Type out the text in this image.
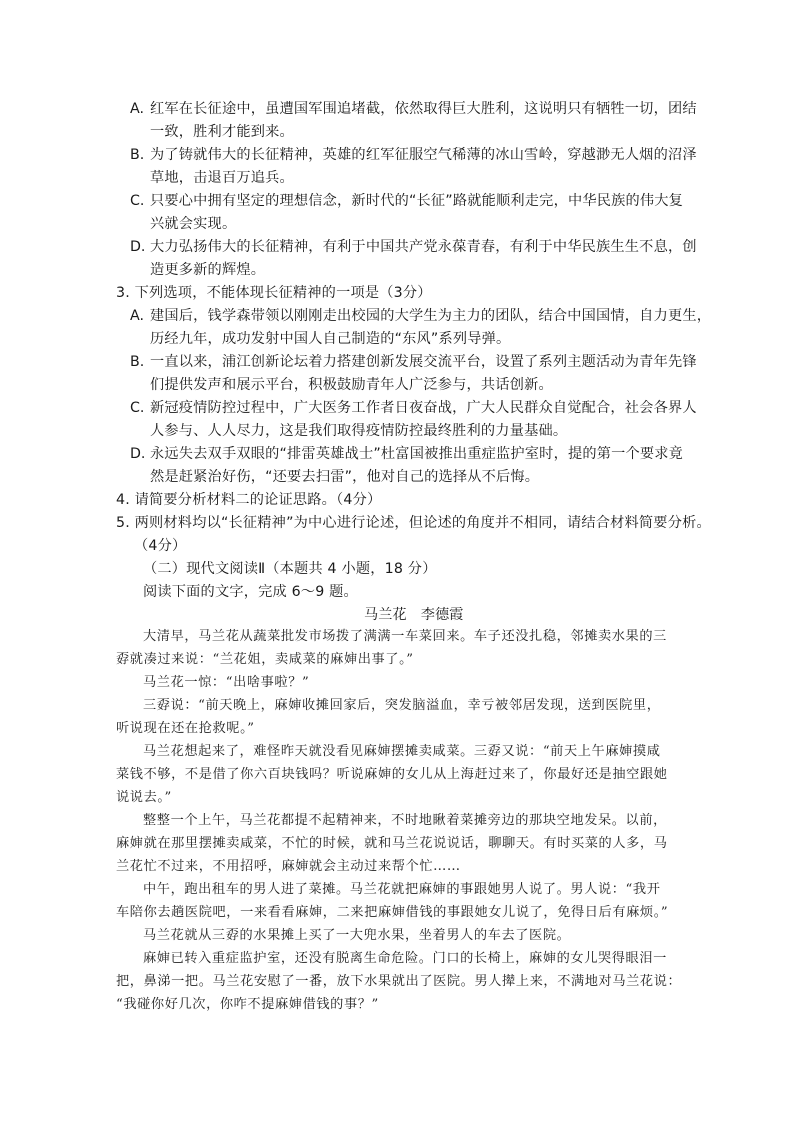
A. 红军在长征途中，虽遭国军围追堵截，依然取得巨大胜利，这说明只有牺牲一切，团结
一致，胜利才能到来。
B. 为了铸就伟大的长征精神，英雄的红军征服空气稀薄的冰山雪岭，穿越渺无人烟的沼泽
草地，击退百万追兵。
C. 只要心中拥有坚定的理想信念，新时代的“长征”路就能顺利走完，中华民族的伟大复
兴就会实现。
D. 大力弘扬伟大的长征精神，有利于中国共产党永葆青春，有利于中华民族生生不息，创
造更多新的辉煌。
3. 下列选项，不能体现长征精神的一项是（3分）
A. 建国后，钱学森带领以刚刚走出校园的大学生为主力的团队，结合中国国情，自力更生，
历经九年，成功发射中国人自己制造的“东风”系列导弹。
B. 一直以来，浦江创新论坛着力搭建创新发展交流平台，设置了系列主题活动为青年先锋
们提供发声和展示平台，积极鼓励青年人广泛参与，共话创新。
C. 新冠疫情防控过程中，广大医务工作者日夜奋战，广大人民群众自觉配合，社会各界人
人参与、人人尽力，这是我们取得疫情防控最终胜利的力量基础。
D. 永远失去双手双眼的“排雷英雄战士”杜富国被推出重症监护室时，提的第一个要求竟
然是赶紧治好伤，“还要去扫雷”，他对自己的选择从不后悔。
4. 请简要分析材料二的论证思路。（4分）
5. 两则材料均以“长征精神”为中心进行论述，但论述的角度并不相同，请结合材料简要分析。
（4分）
（二）现代文阅读Ⅱ（本题共 4 小题，18 分）
阅读下面的文字，完成 6～9 题。
马兰花　李德霞
大清早，马兰花从蔬菜批发市场拨了满满一车菜回来。车子还没扎稳，邻摊卖水果的三
孬就凑过来说：“兰花姐，卖咸菜的麻婶出事了。”
马兰花一惊：“出啥事啦？”
三孬说：“前天晚上，麻婶收摊回家后，突发脑溢血，幸亏被邻居发现，送到医院里，
听说现在还在抢救呢。”
马兰花想起来了，难怪昨天就没看见麻婶摆摊卖咸菜。三孬又说：“前天上午麻婶摸咸
菜钱不够，不是借了你六百块钱吗？听说麻婶的女儿从上海赶过来了，你最好还是抽空跟她
说说去。”
整整一个上午，马兰花都提不起精神来，不时地瞅着菜摊旁边的那块空地发呆。以前，
麻婶就在那里摆摊卖咸菜，不忙的时候，就和马兰花说说话，聊聊天。有时买菜的人多，马
兰花忙不过来，不用招呼，麻婶就会主动过来帮个忙……
中午，跑出租车的男人进了菜摊。马兰花就把麻婶的事跟她男人说了。男人说：“我开
车陪你去趟医院吧，一来看看麻婶，二来把麻婶借钱的事跟她女儿说了，免得日后有麻烦。”
马兰花就从三孬的水果摊上买了一大兜水果，坐着男人的车去了医院。
麻婶已转入重症监护室，还没有脱离生命危险。门口的长椅上，麻婶的女儿哭得眼泪一
把，鼻涕一把。马兰花安慰了一番，放下水果就出了医院。男人撵上来，不满地对马兰花说：
“我碰你好几次，你咋不提麻婶借钱的事？”
